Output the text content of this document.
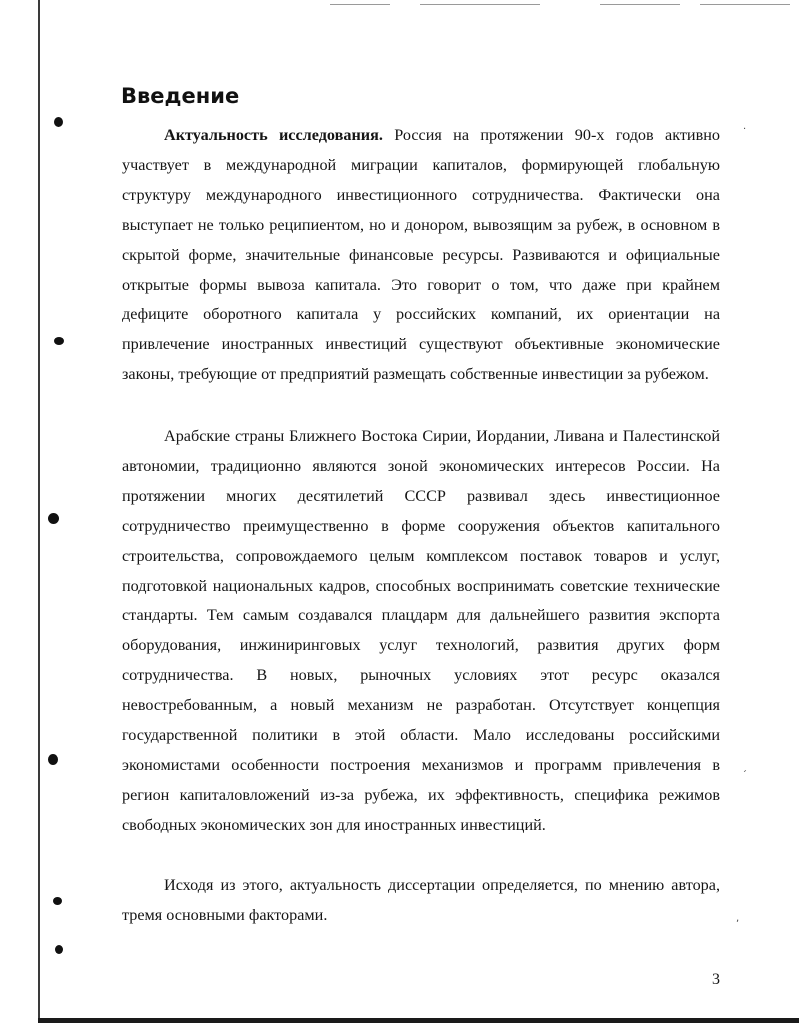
·
´
,
Введение

Актуальность исследования. Россия на протяжении 90-х годов активно участвует в международной миграции капиталов, формирующей глобальную структуру международного инвестиционного сотрудничества. Фактически она выступает не только реципиентом, но и донором, вывозящим за рубеж, в основном в скрытой форме, значительные финансовые ресурсы. Развиваются и официальные открытые формы вывоза капитала. Это говорит о том, что даже при крайнем дефиците оборотного капитала у российских компаний, их ориентации на привлечение иностранных инвестиций существуют объективные экономические законы, требующие от предприятий размещать собственные инвестиции за рубежом.

Арабские страны Ближнего Востока Сирии, Иордании, Ливана и Палестинской автономии, традиционно являются зоной экономических интересов России. На протяжении многих десятилетий СССР развивал здесь инвестиционное сотрудничество преимущественно в форме сооружения объектов капитального строительства, сопровождаемого целым комплексом поставок товаров и услуг, подготовкой национальных кадров, способных воспринимать советские технические стандарты. Тем самым создавался плацдарм для дальнейшего развития экспорта оборудования, инжиниринговых услуг технологий, развития других форм сотрудничества. В новых, рыночных условиях этот ресурс оказался невостребованным, а новый механизм не разработан. Отсутствует концепция государственной политики в этой области. Мало исследованы российскими экономистами особенности построения механизмов и программ привлечения в регион капиталовложений из-за рубежа, их эффективность, специфика режимов свободных экономических зон для иностранных инвестиций.

Исходя из этого, актуальность диссертации определяется, по мнению автора, тремя основными факторами.

3
